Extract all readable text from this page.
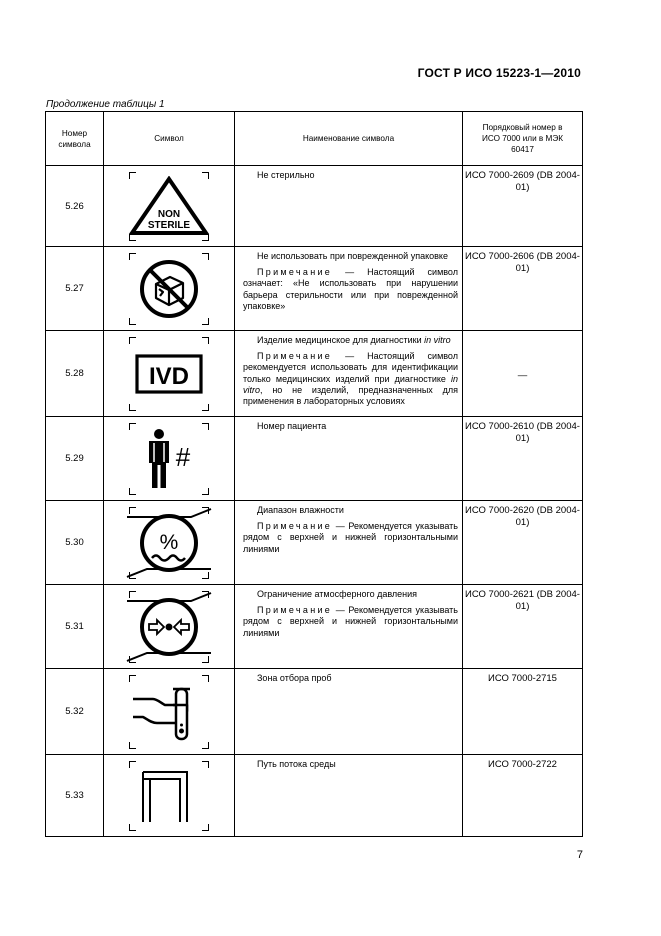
ГОСТ Р ИСО 15223-1—2010
Продолжение таблицы 1
Номер символа	Символ	Наименование символа	Порядковый номер в ИСО 7000 или в МЭК 60417
5.26	NON
STERILE	Не стерильно	ИСО 7000-2609 (DB 2004-01)
5.27		Не использовать при поврежденной упаковке

Примечание — Настоящий символ означает: «Не использовать при нарушении барьера стерильности или при поврежденной упаковке»	ИСО 7000-2606 (DB 2004-01)
5.28	IVD	Изделие медицинское для диагностики in vitro

Примечание — Настоящий символ рекомендуется использовать для идентификации только медицинских изделий при диагностике in vitro, но не изделий, предназначенных для применения в лабораторных условиях	—
5.29	#	Номер пациента	ИСО 7000-2610 (DB 2004-01)
5.30	%	Диапазон влажности

Примечание — Рекомендуется указывать рядом с верхней и нижней горизонтальными линиями	ИСО 7000-2620 (DB 2004-01)
5.31		Ограничение атмосферного давления

Примечание — Рекомендуется указывать рядом с верхней и нижней горизонтальными линиями	ИСО 7000-2621 (DB 2004-01)
5.32		Зона отбора проб	ИСО 7000-2715
5.33		Путь потока среды	ИСО 7000-2722
7
